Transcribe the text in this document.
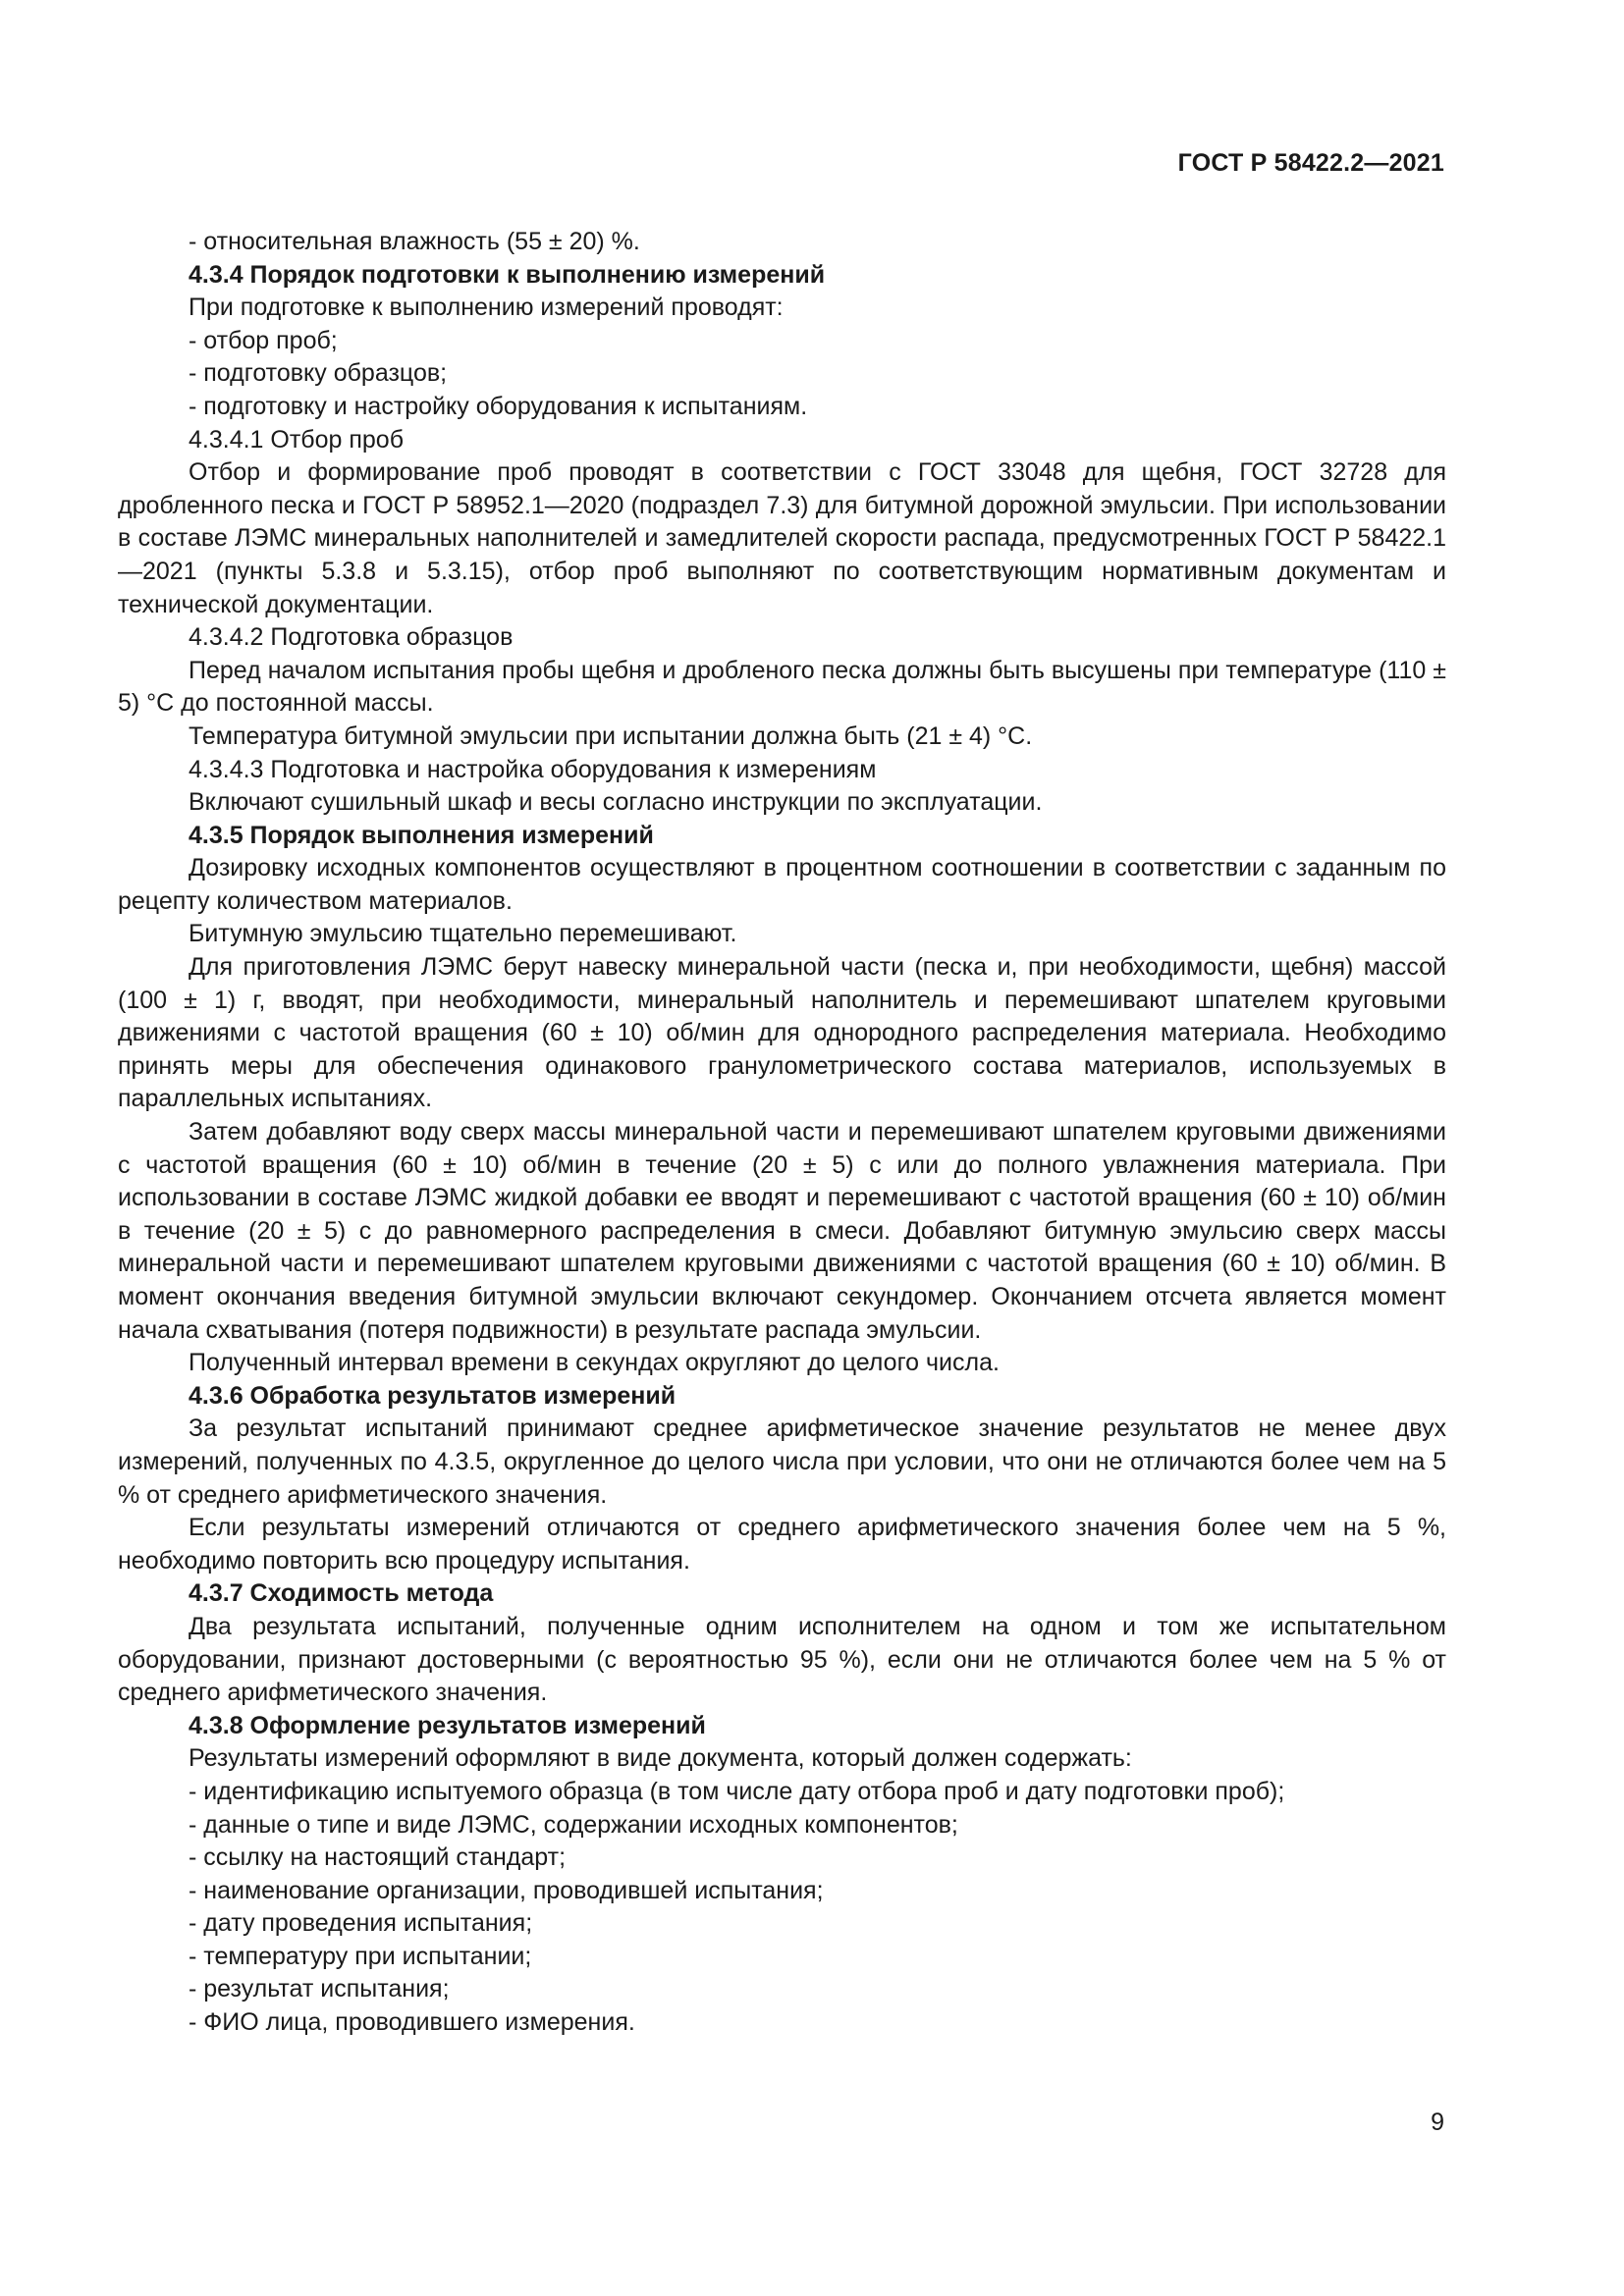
ГОСТ Р 58422.2—2021

- относительная влажность (55 ± 20) %.

4.3.4 Порядок подготовки к выполнению измерений

При подготовке к выполнению измерений проводят:

- отбор проб;

- подготовку образцов;

- подготовку и настройку оборудования к испытаниям.

4.3.4.1 Отбор проб

Отбор и формирование проб проводят в соответствии с ГОСТ 33048 для щебня, ГОСТ 32728 для дробленного песка и ГОСТ Р 58952.1—2020 (подраздел 7.3) для битумной дорожной эмульсии. При использовании в составе ЛЭМС минеральных наполнителей и замедлителей скорости распада, предусмотренных ГОСТ Р 58422.1—2021 (пункты 5.3.8 и 5.3.15), отбор проб выполняют по соответствующим нормативным документам и технической документации.

4.3.4.2 Подготовка образцов

Перед началом испытания пробы щебня и дробленого песка должны быть высушены при температуре (110 ± 5) °С до постоянной массы.

Температура битумной эмульсии при испытании должна быть (21 ± 4) °С.

4.3.4.3 Подготовка и настройка оборудования к измерениям

Включают сушильный шкаф и весы согласно инструкции по эксплуатации.

4.3.5 Порядок выполнения измерений

Дозировку исходных компонентов осуществляют в процентном соотношении в соответствии с заданным по рецепту количеством материалов.

Битумную эмульсию тщательно перемешивают.

Для приготовления ЛЭМС берут навеску минеральной части (песка и, при необходимости, щебня) массой (100 ± 1) г, вводят, при необходимости, минеральный наполнитель и перемешивают шпателем круговыми движениями с частотой вращения (60 ± 10) об/мин для однородного распределения материала. Необходимо принять меры для обеспечения одинакового гранулометрического состава материалов, используемых в параллельных испытаниях.

Затем добавляют воду сверх массы минеральной части и перемешивают шпателем круговыми движениями с частотой вращения (60 ± 10) об/мин в течение (20 ± 5) с или до полного увлажнения материала. При использовании в составе ЛЭМС жидкой добавки ее вводят и перемешивают с частотой вращения (60 ± 10) об/мин в течение (20 ± 5) с до равномерного распределения в смеси. Добавляют битумную эмульсию сверх массы минеральной части и перемешивают шпателем круговыми движениями с частотой вращения (60 ± 10) об/мин. В момент окончания введения битумной эмульсии включают секундомер. Окончанием отсчета является момент начала схватывания (потеря подвижности) в результате распада эмульсии.

Полученный интервал времени в секундах округляют до целого числа.

4.3.6 Обработка результатов измерений

За результат испытаний принимают среднее арифметическое значение результатов не менее двух измерений, полученных по 4.3.5, округленное до целого числа при условии, что они не отличаются более чем на 5 % от среднего арифметического значения.

Если результаты измерений отличаются от среднего арифметического значения более чем на 5 %, необходимо повторить всю процедуру испытания.

4.3.7 Сходимость метода

Два результата испытаний, полученные одним исполнителем на одном и том же испытательном оборудовании, признают достоверными (с вероятностью 95 %), если они не отличаются более чем на 5 % от среднего арифметического значения.

4.3.8 Оформление результатов измерений

Результаты измерений оформляют в виде документа, который должен содержать:

- идентификацию испытуемого образца (в том числе дату отбора проб и дату подготовки проб);

- данные о типе и виде ЛЭМС, содержании исходных компонентов;

- ссылку на настоящий стандарт;

- наименование организации, проводившей испытания;

- дату проведения испытания;

- температуру при испытании;

- результат испытания;

- ФИО лица, проводившего измерения.

9
